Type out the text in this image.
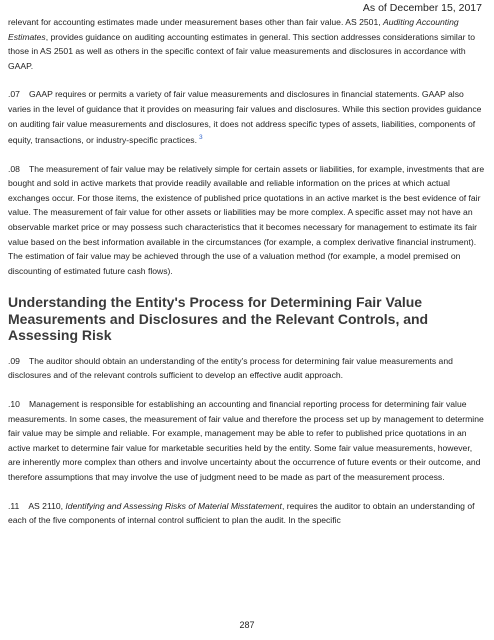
As of December 15, 2017

relevant for accounting estimates made under measurement bases other than fair value. AS 2501, Auditing Accounting Estimates, provides guidance on auditing accounting estimates in general. This section addresses considerations similar to those in AS 2501 as well as others in the specific context of fair value measurements and disclosures in accordance with GAAP.

.07 GAAP requires or permits a variety of fair value measurements and disclosures in financial statements. GAAP also varies in the level of guidance that it provides on measuring fair values and disclosures. While this section provides guidance on auditing fair value measurements and disclosures, it does not address specific types of assets, liabilities, components of equity, transactions, or industry-specific practices. $^3$

.08 The measurement of fair value may be relatively simple for certain assets or liabilities, for example, investments that are bought and sold in active markets that provide readily available and reliable information on the prices at which actual exchanges occur. For those items, the existence of published price quotations in an active market is the best evidence of fair value. The measurement of fair value for other assets or liabilities may be more complex. A specific asset may not have an observable market price or may possess such characteristics that it becomes necessary for management to estimate its fair value based on the best information available in the circumstances (for example, a complex derivative financial instrument). The estimation of fair value may be achieved through the use of a valuation method (for example, a model premised on discounting of estimated future cash flows).

Understanding the Entity's Process for Determining Fair Value Measurements and Disclosures and the Relevant Controls, and Assessing Risk

.09 The auditor should obtain an understanding of the entity's process for determining fair value measurements and disclosures and of the relevant controls sufficient to develop an effective audit approach.

.10 Management is responsible for establishing an accounting and financial reporting process for determining fair value measurements. In some cases, the measurement of fair value and therefore the process set up by management to determine fair value may be simple and reliable. For example, management may be able to refer to published price quotations in an active market to determine fair value for marketable securities held by the entity. Some fair value measurements, however, are inherently more complex than others and involve uncertainty about the occurrence of future events or their outcome, and therefore assumptions that may involve the use of judgment need to be made as part of the measurement process.

.11 AS 2110, Identifying and Assessing Risks of Material Misstatement, requires the auditor to obtain an understanding of each of the five components of internal control sufficient to plan the audit. In the specific

287
